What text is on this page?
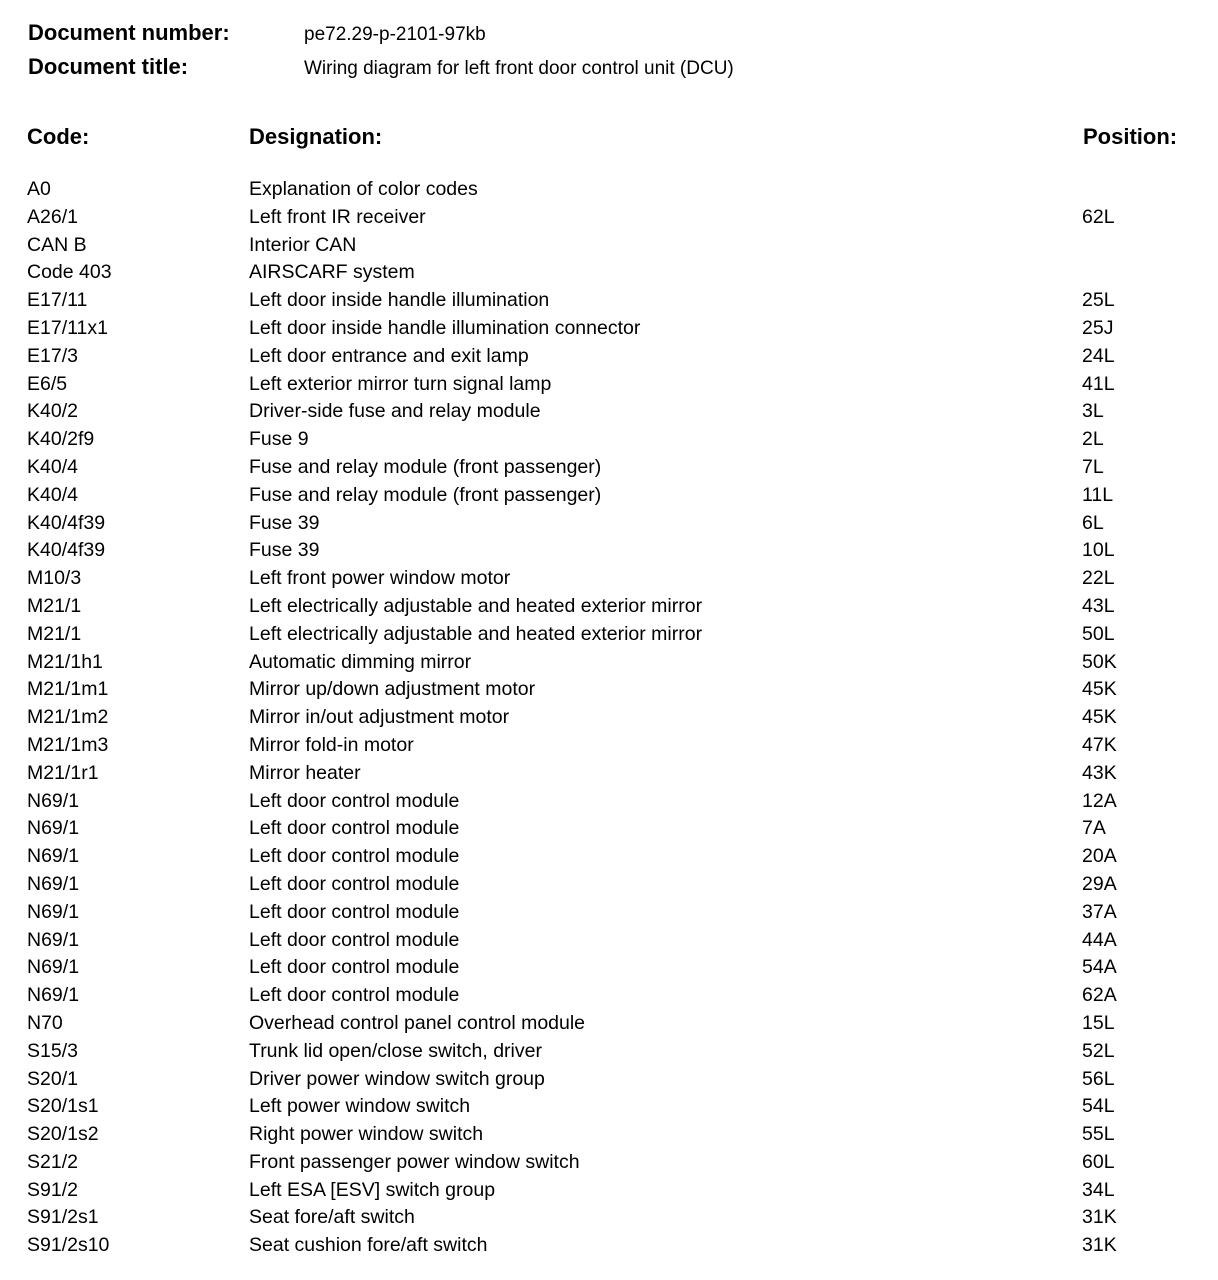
Document number:	pe72.29-p-2101-97kb
Document title:	Wiring diagram for left front door control unit (DCU)
Code:	Designation:	Position:
A0	Explanation of color codes
A26/1	Left front IR receiver	62L
CAN B	Interior CAN
Code 403	AIRSCARF system
E17/11	Left door inside handle illumination	25L
E17/11x1	Left door inside handle illumination connector	25J
E17/3	Left door entrance and exit lamp	24L
E6/5	Left exterior mirror turn signal lamp	41L
K40/2	Driver-side fuse and relay module	3L
K40/2f9	Fuse 9	2L
K40/4	Fuse and relay module (front passenger)	7L
K40/4	Fuse and relay module (front passenger)	11L
K40/4f39	Fuse 39	6L
K40/4f39	Fuse 39	10L
M10/3	Left front power window motor	22L
M21/1	Left electrically adjustable and heated exterior mirror	43L
M21/1	Left electrically adjustable and heated exterior mirror	50L
M21/1h1	Automatic dimming mirror	50K
M21/1m1	Mirror up/down adjustment motor	45K
M21/1m2	Mirror in/out adjustment motor	45K
M21/1m3	Mirror fold-in motor	47K
M21/1r1	Mirror heater	43K
N69/1	Left door control module	12A
N69/1	Left door control module	7A
N69/1	Left door control module	20A
N69/1	Left door control module	29A
N69/1	Left door control module	37A
N69/1	Left door control module	44A
N69/1	Left door control module	54A
N69/1	Left door control module	62A
N70	Overhead control panel control module	15L
S15/3	Trunk lid open/close switch, driver	52L
S20/1	Driver power window switch group	56L
S20/1s1	Left power window switch	54L
S20/1s2	Right power window switch	55L
S21/2	Front passenger power window switch	60L
S91/2	Left ESA [ESV] switch group	34L
S91/2s1	Seat fore/aft switch	31K
S91/2s10	Seat cushion fore/aft switch	31K
